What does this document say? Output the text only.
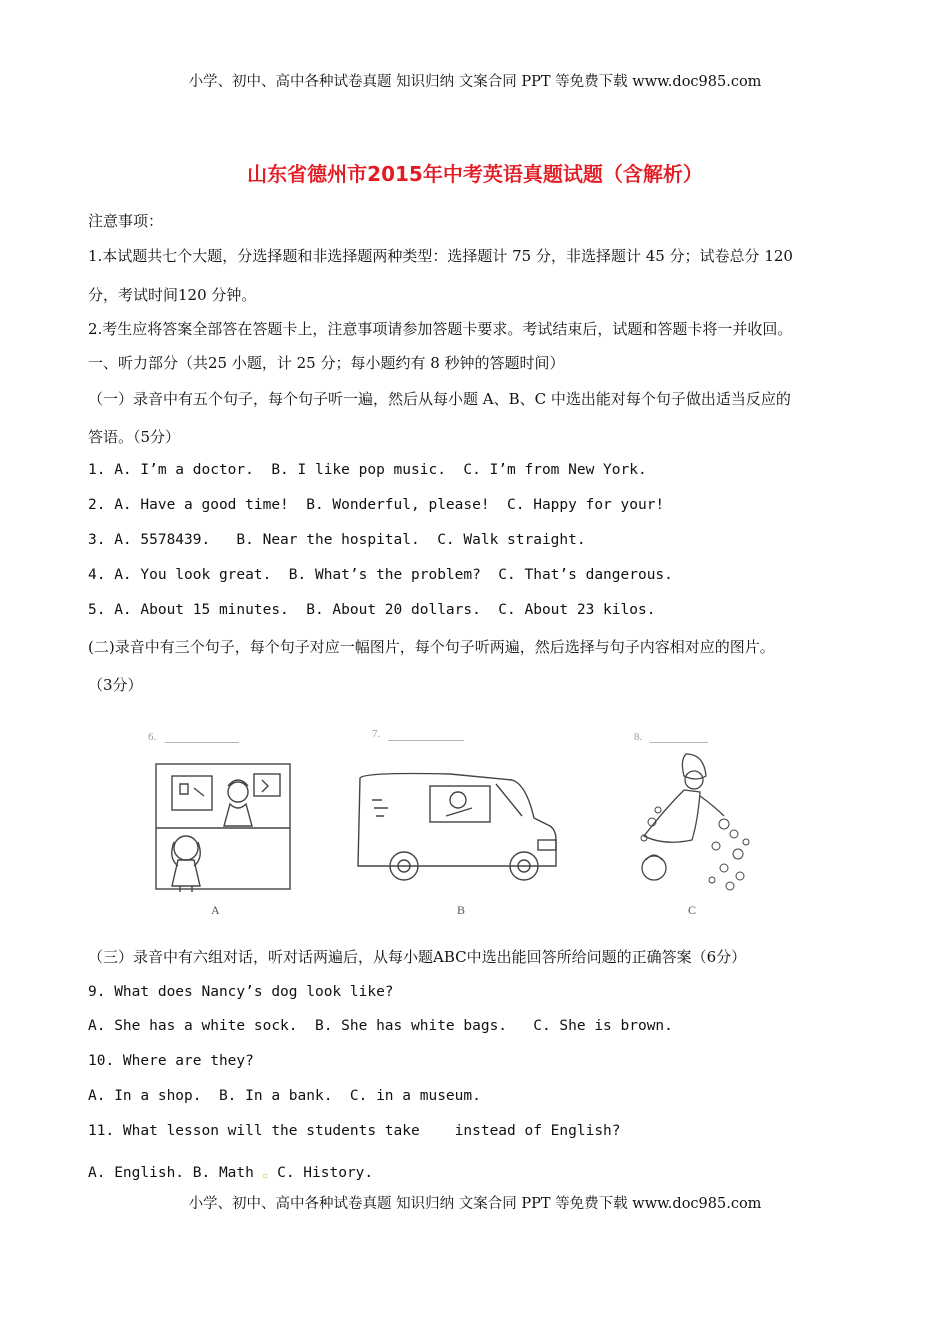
小学、初中、高中各种试卷真题 知识归纳 文案合同 PPT 等免费下载 www.doc985.com
山东省德州市2015年中考英语真题试题（含解析）
注意事项：
1.本试题共七个大题，分选择题和非选择题两种类型：选择题计 75 分，非选择题计 45 分；试卷总分 120
分，考试时间120 分钟。
2.考生应将答案全部答在答题卡上，注意事项请参加答题卡要求。考试结束后，试题和答题卡将一并收回。
一、听力部分（共25 小题，计 25 分；每小题约有 8 秒钟的答题时间）
（一）录音中有五个句子，每个句子听一遍，然后从每小题 A、B、C 中选出能对每个句子做出适当反应的
答语。（5分）
1. A. I’m a doctor.  B. I like pop music.  C. I’m from New York.
2. A. Have a good time!  B. Wonderful, please!  C. Happy for your!
3. A. 5578439.   B. Near the hospital.  C. Walk straight.
4. A. You look great.  B. What’s the problem?  C. That’s dangerous.
5. A. About 15 minutes.  B. About 20 dollars.  C. About 23 kilos.
(二)录音中有三个句子，每个句子对应一幅图片，每个句子听两遍，然后选择与句子内容相对应的图片。
（3分）
6.
A
7.
B
8.
C
（三）录音中有六组对话，听对话两遍后，从每小题ABC中选出能回答所给问题的正确答案（6分）
9. What does Nancy’s dog look like?
A. She has a white sock.  B. She has white bags.   C. She is brown.
10. Where are they?
A. In a shop.  B. In a bank.  C. in a museum.
11. What lesson will the students take    instead of English?
A. English. B. Math 。C. History.
小学、初中、高中各种试卷真题 知识归纳 文案合同 PPT 等免费下载 www.doc985.com
